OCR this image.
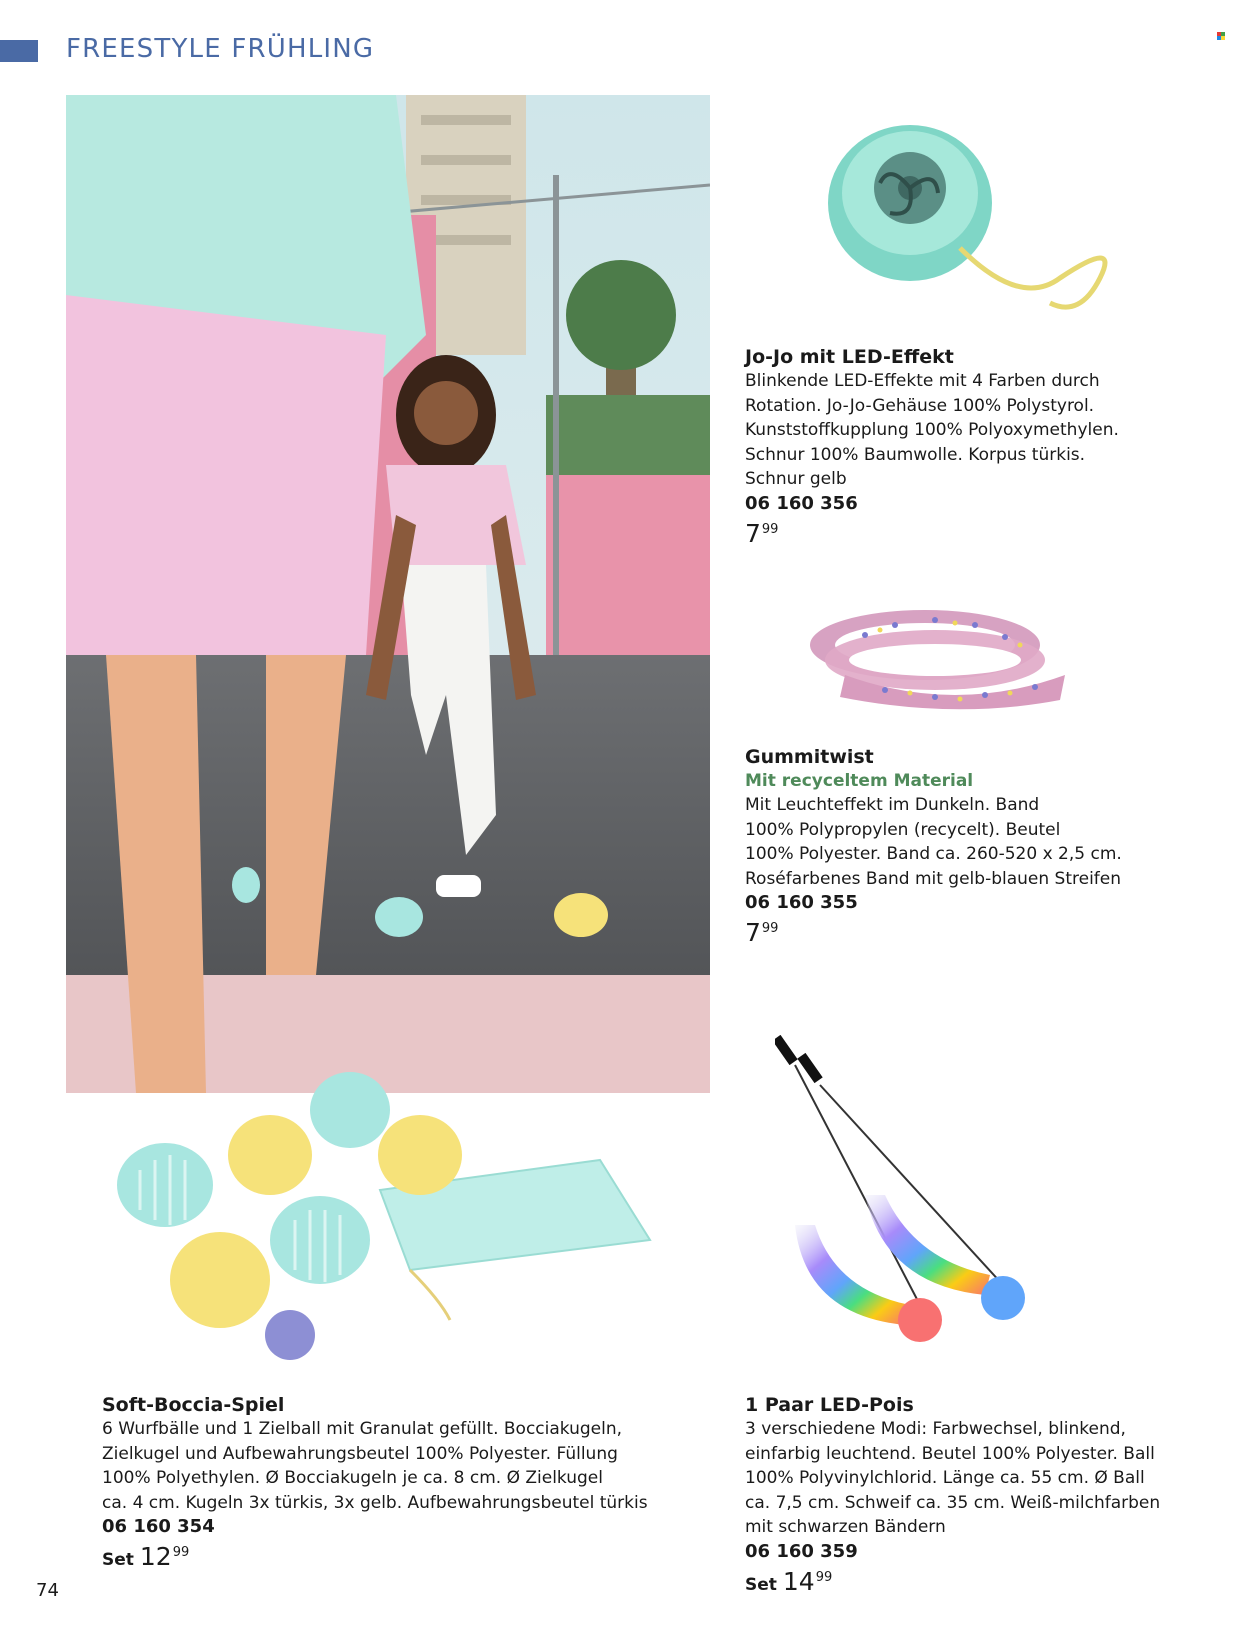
FREESTYLE FRÜHLING
Jo-Jo mit LED-Effekt
Blinkende LED-Effekte mit 4 Farben durch
Rotation. Jo-Jo-Gehäuse 100% Polystyrol.
Kunststoffkupplung 100% Polyoxymethylen.
Schnur 100% Baumwolle. Korpus türkis.
Schnur gelb
06 160 356
$7^{99}$
Gummitwist
Mit recyceltem Material
Mit Leuchteffekt im Dunkeln. Band
100% Polypropylen (recycelt). Beutel
100% Polyester. Band ca. 260-520 x 2,5 cm.
Roséfarbenes Band mit gelb-blauen Streifen
06 160 355
$7^{99}$
Soft-Boccia-Spiel
6 Wurfbälle und 1 Zielball mit Granulat gefüllt. Bocciakugeln,
Zielkugel und Aufbewahrungsbeutel 100% Polyester. Füllung
100% Polyethylen. Ø Bocciakugeln je ca. 8 cm. Ø Zielkugel
ca. 4 cm. Kugeln 3x türkis, 3x gelb. Aufbewahrungsbeutel türkis
06 160 354
Set $12^{99}$
1 Paar LED-Pois
3 verschiedene Modi: Farbwechsel, blinkend,
einfarbig leuchtend. Beutel 100% Polyester. Ball
100% Polyvinylchlorid. Länge ca. 55 cm. Ø Ball
ca. 7,5 cm. Schweif ca. 35 cm. Weiß-milchfarben
mit schwarzen Bändern
06 160 359
Set $14^{99}$
74
